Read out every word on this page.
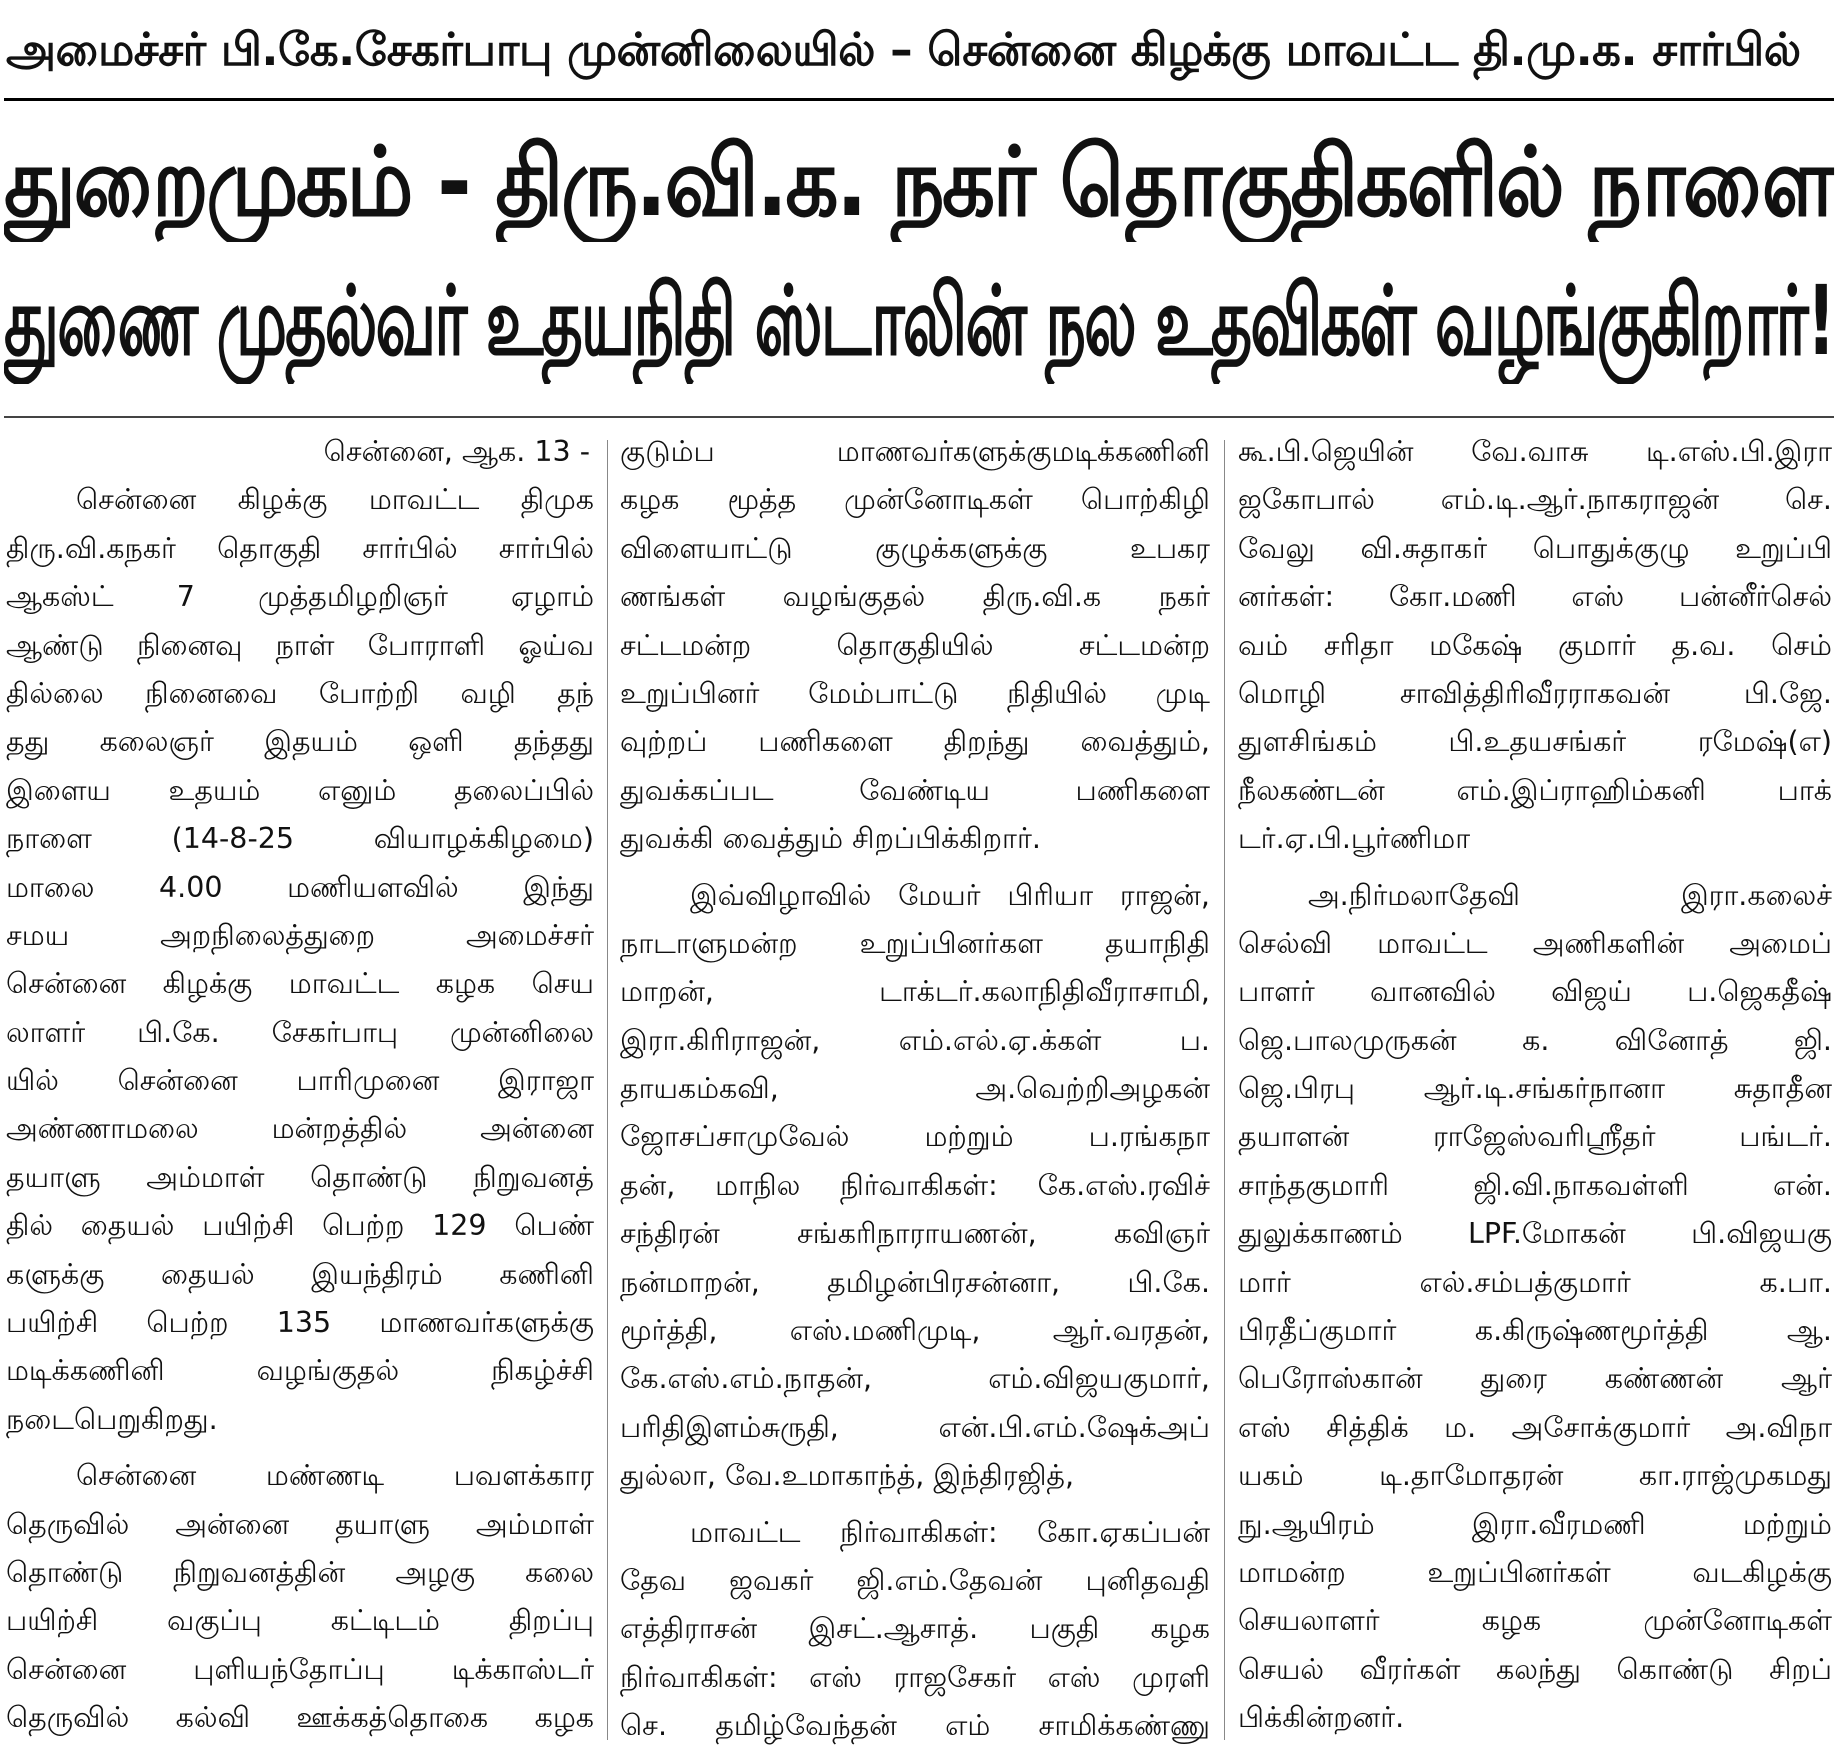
அமைச்சர் பி.கே.சேகர்பாபு முன்னிலையில் – சென்னை கிழக்கு மாவட்ட தி.மு.க. சார்பில்
துறைமுகம் - திரு.வி.க. நகர் தொகுதிகளில் நாளை
துணை முதல்வர் உதயநிதி ஸ்டாலின் நல உதவிகள் வழங்குகிறார்!
சென்னை, ஆக. 13 -
சென்னை கிழக்கு மாவட்ட திமுக
திரு.வி.கநகர் தொகுதி சார்பில் சார்பில்
ஆகஸ்ட் 7 முத்தமிழறிஞர் ஏழாம்
ஆண்டு நினைவு நாள் போராளி ஓய்வ
தில்லை நினைவை போற்றி வழி தந்
தது கலைஞர் இதயம் ஒளி தந்தது
இளைய உதயம் எனும் தலைப்பில்
நாளை (14-8-25 வியாழக்கிழமை)
மாலை 4.00 மணியளவில் இந்து
சமய அறநிலைத்துறை அமைச்சர்
சென்னை கிழக்கு மாவட்ட கழக செய
லாளர் பி.கே. சேகர்பாபு முன்னிலை
யில் சென்னை பாரிமுனை இராஜா
அண்ணாமலை மன்றத்தில் அன்னை
தயாளு அம்மாள் தொண்டு நிறுவனத்
தில் தையல் பயிற்சி பெற்ற 129 பெண்
களுக்கு தையல் இயந்திரம் கணினி
பயிற்சி பெற்ற 135 மாணவர்களுக்கு
மடிக்கணினி வழங்குதல் நிகழ்ச்சி
நடைபெறுகிறது.
சென்னை மண்ணடி பவளக்கார
தெருவில் அன்னை தயாளு அம்மாள்
தொண்டு நிறுவனத்தின் அழகு கலை
பயிற்சி வகுப்பு கட்டிடம் திறப்பு
சென்னை புளியந்தோப்பு டிக்காஸ்டர்
தெருவில் கல்வி ஊக்கத்தொகை கழக
குடும்ப மாணவர்களுக்குமடிக்கணினி
கழக மூத்த முன்னோடிகள் பொற்கிழி
விளையாட்டு குழுக்களுக்கு உபகர
ணங்கள் வழங்குதல் திரு.வி.க நகர்
சட்டமன்ற தொகுதியில் சட்டமன்ற
உறுப்பினர் மேம்பாட்டு நிதியில் முடி
வுற்றப் பணிகளை திறந்து வைத்தும்,
துவக்கப்பட வேண்டிய பணிகளை
துவக்கி வைத்தும் சிறப்பிக்கிறார்.
இவ்விழாவில் மேயர் பிரியா ராஜன்,
நாடாளுமன்ற உறுப்பினர்கள தயாநிதி
மாறன், டாக்டர்.கலாநிதிவீராசாமி,
இரா.கிரிராஜன், எம்.எல்.ஏ.க்கள் ப.
தாயகம்கவி, அ.வெற்றிஅழகன்
ஜோசப்சாமுவேல் மற்றும் ப.ரங்கநா
தன், மாநில நிர்வாகிகள்: கே.எஸ்.ரவிச்
சந்திரன் சங்கரிநாராயணன், கவிஞர்
நன்மாறன், தமிழன்பிரசன்னா, பி.கே.
மூர்த்தி, எஸ்.மணிமுடி, ஆர்.வரதன்,
கே.எஸ்.எம்.நாதன், எம்.விஜயகுமார்,
பரிதிஇளம்சுருதி, என்.பி.எம்.ஷேக்அப்
துல்லா, வே.உமாகாந்த், இந்திரஜித்,
மாவட்ட நிர்வாகிகள்: கோ.ஏகப்பன்
தேவ ஜவகர் ஜி.எம்.தேவன் புனிதவதி
எத்திராசன் இசட்.ஆசாத். பகுதி கழக
நிர்வாகிகள்: எஸ் ராஜசேகர் எஸ் முரளி
செ. தமிழ்வேந்தன் எம் சாமிக்கண்ணு
கூ.பி.ஜெயின் வே.வாசு டி.எஸ்.பி.இரா
ஜகோபால் எம்.டி.ஆர்.நாகராஜன் செ.
வேலு வி.சுதாகர் பொதுக்குழு உறுப்பி
னர்கள்: கோ.மணி எஸ் பன்னீர்செல்
வம் சரிதா மகேஷ் குமார் த.வ. செம்
மொழி சாவித்திரிவீரராகவன் பி.ஜே.
துளசிங்கம் பி.உதயசங்கர் ரமேஷ்(எ)
நீலகண்டன் எம்.இப்ராஹிம்கனி பாக்
டர்.ஏ.பி.பூர்ணிமா
அ.நிர்மலாதேவி இரா.கலைச்
செல்வி மாவட்ட அணிகளின் அமைப்
பாளர் வானவில் விஜய் ப.ஜெகதீஷ்
ஜெ.பாலமுருகன் க. வினோத் ஜி.
ஜெ.பிரபு ஆர்.டி.சங்கர்நானா சுதாதீன
தயாளன் ராஜேஸ்வரிஸ்ரீதர் பங்டர்.
சாந்தகுமாரி ஜி.வி.நாகவள்ளி என்.
துலுக்காணம் LPF.மோகன் பி.விஜயகு
மார் எல்.சம்பத்குமார் க.பா.
பிரதீப்குமார் க.கிருஷ்ணமூர்த்தி ஆ.
பெரோஸ்கான் துரை கண்ணன் ஆர்
எஸ் சித்திக் ம. அசோக்குமார் அ.விநா
யகம் டி.தாமோதரன் கா.ராஜ்முகமது
நு.ஆயிரம் இரா.வீரமணி மற்றும்
மாமன்ற உறுப்பினர்கள் வடகிழக்கு
செயலாளர் கழக முன்னோடிகள்
செயல் வீரர்கள் கலந்து கொண்டு சிறப்
பிக்கின்றனர்.
